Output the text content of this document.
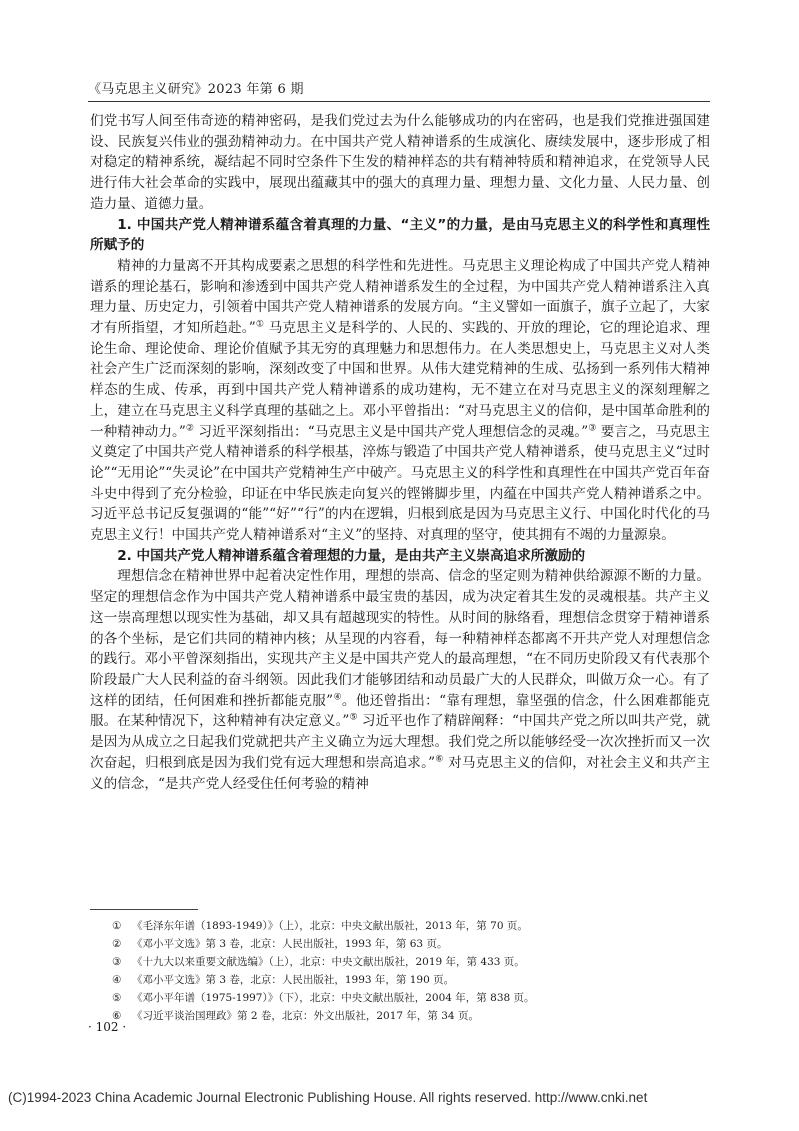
《马克思主义研究》2023 年第 6 期

们党书写人间至伟奇迹的精神密码，是我们党过去为什么能够成功的内在密码，也是我们党推进强国建设、民族复兴伟业的强劲精神动力。在中国共产党人精神谱系的生成演化、赓续发展中，逐步形成了相对稳定的精神系统，凝结起不同时空条件下生发的精神样态的共有精神特质和精神追求，在党领导人民进行伟大社会革命的实践中，展现出蕴藏其中的强大的真理力量、理想力量、文化力量、人民力量、创造力量、道德力量。

1. 中国共产党人精神谱系蕴含着真理的力量、“主义”的力量，是由马克思主义的科学性和真理性所赋予的

精神的力量离不开其构成要素之思想的科学性和先进性。马克思主义理论构成了中国共产党人精神谱系的理论基石，影响和渗透到中国共产党人精神谱系发生的全过程，为中国共产党人精神谱系注入真理力量、历史定力，引领着中国共产党人精神谱系的发展方向。“主义譬如一面旗子，旗子立起了，大家才有所指望，才知所趋赴。”① 马克思主义是科学的、人民的、实践的、开放的理论，它的理论追求、理论生命、理论使命、理论价值赋予其无穷的真理魅力和思想伟力。在人类思想史上，马克思主义对人类社会产生广泛而深刻的影响，深刻改变了中国和世界。从伟大建党精神的生成、弘扬到一系列伟大精神样态的生成、传承，再到中国共产党人精神谱系的成功建构，无不建立在对马克思主义的深刻理解之上，建立在马克思主义科学真理的基础之上。邓小平曾指出：“对马克思主义的信仰，是中国革命胜利的一种精神动力。”② 习近平深刻指出：“马克思主义是中国共产党人理想信念的灵魂。”③ 要言之，马克思主义奠定了中国共产党人精神谱系的科学根基，淬炼与锻造了中国共产党人精神谱系，使马克思主义“过时论”“无用论”“失灵论”在中国共产党精神生产中破产。马克思主义的科学性和真理性在中国共产党百年奋斗史中得到了充分检验，印证在中华民族走向复兴的铿锵脚步里，内蕴在中国共产党人精神谱系之中。习近平总书记反复强调的“能”“好”“行”的内在逻辑，归根到底是因为马克思主义行、中国化时代化的马克思主义行！中国共产党人精神谱系对“主义”的坚持、对真理的坚守，使其拥有不竭的力量源泉。

2. 中国共产党人精神谱系蕴含着理想的力量，是由共产主义崇高追求所激励的

理想信念在精神世界中起着决定性作用，理想的崇高、信念的坚定则为精神供给源源不断的力量。坚定的理想信念作为中国共产党人精神谱系中最宝贵的基因，成为决定着其生发的灵魂根基。共产主义这一崇高理想以现实性为基础，却又具有超越现实的特性。从时间的脉络看，理想信念贯穿于精神谱系的各个坐标，是它们共同的精神内核；从呈现的内容看，每一种精神样态都离不开共产党人对理想信念的践行。邓小平曾深刻指出，实现共产主义是中国共产党人的最高理想，“在不同历史阶段又有代表那个阶段最广大人民利益的奋斗纲领。因此我们才能够团结和动员最广大的人民群众，叫做万众一心。有了这样的团结，任何困难和挫折都能克服”④。他还曾指出：“靠有理想，靠坚强的信念，什么困难都能克服。在某种情况下，这种精神有决定意义。”⑤ 习近平也作了精辟阐释：“中国共产党之所以叫共产党，就是因为从成立之日起我们党就把共产主义确立为远大理想。我们党之所以能够经受一次次挫折而又一次次奋起，归根到底是因为我们党有远大理想和崇高追求。”⑥ 对马克思主义的信仰，对社会主义和共产主义的信念，“是共产党人经受住任何考验的精神

①	《毛泽东年谱（1893-1949）》（上），北京：中央文献出版社，2013 年，第 70 页。
②	《邓小平文选》第 3 卷，北京：人民出版社，1993 年，第 63 页。
③	《十九大以来重要文献选编》（上），北京：中央文献出版社，2019 年，第 433 页。
④	《邓小平文选》第 3 卷，北京：人民出版社，1993 年，第 190 页。
⑤	《邓小平年谱（1975-1997）》（下），北京：中央文献出版社，2004 年，第 838 页。
⑥	《习近平谈治国理政》第 2 卷，北京：外文出版社，2017 年，第 34 页。
· 102 ·
(C)1994-2023 China Academic Journal Electronic Publishing House. All rights reserved. http://www.cnki.net
